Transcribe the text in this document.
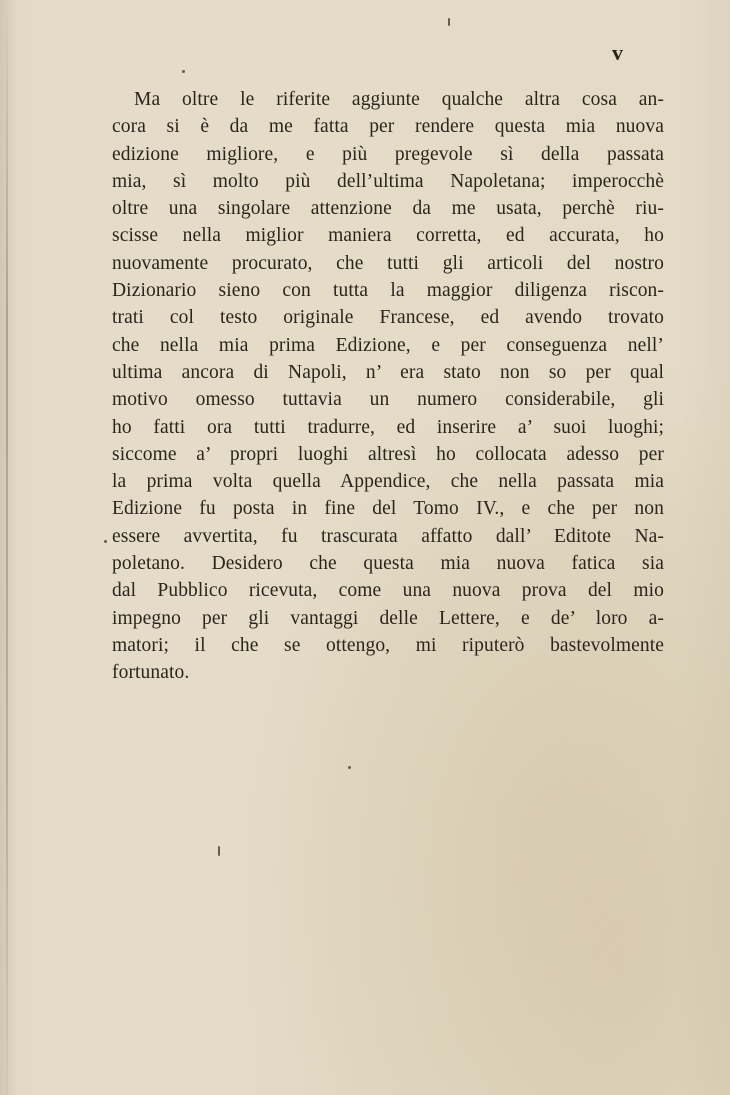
v
Ma oltre le riferite aggiunte qualche altra cosa an-
cora si è da me fatta per rendere questa mia nuova
edizione migliore, e più pregevole sì della passata
mia, sì molto più dell’ultima Napoletana; imperocchè
oltre una singolare attenzione da me usata, perchè riu-
scisse nella miglior maniera corretta, ed accurata, ho
nuovamente procurato, che tutti gli articoli del nostro
Dizionario sieno con tutta la maggior diligenza riscon-
trati col testo originale Francese, ed avendo trovato
che nella mia prima Edizione, e per conseguenza nell’
ultima ancora di Napoli, n’ era stato non so per qual
motivo omesso tuttavia un numero considerabile, gli
ho fatti ora tutti tradurre, ed inserire a’ suoi luoghi;
siccome a’ propri luoghi altresì ho collocata adesso per
la prima volta quella Appendice, che nella passata mia
Edizione fu posta in fine del Tomo IV., e che per non
essere avvertita, fu trascurata affatto dall’ Editote Na-
poletano. Desidero che questa mia nuova fatica sia
dal Pubblico ricevuta, come una nuova prova del mio
impegno per gli vantaggi delle Lettere, e de’ loro a-
matori; il che se ottengo, mi riputerò bastevolmente
fortunato.
